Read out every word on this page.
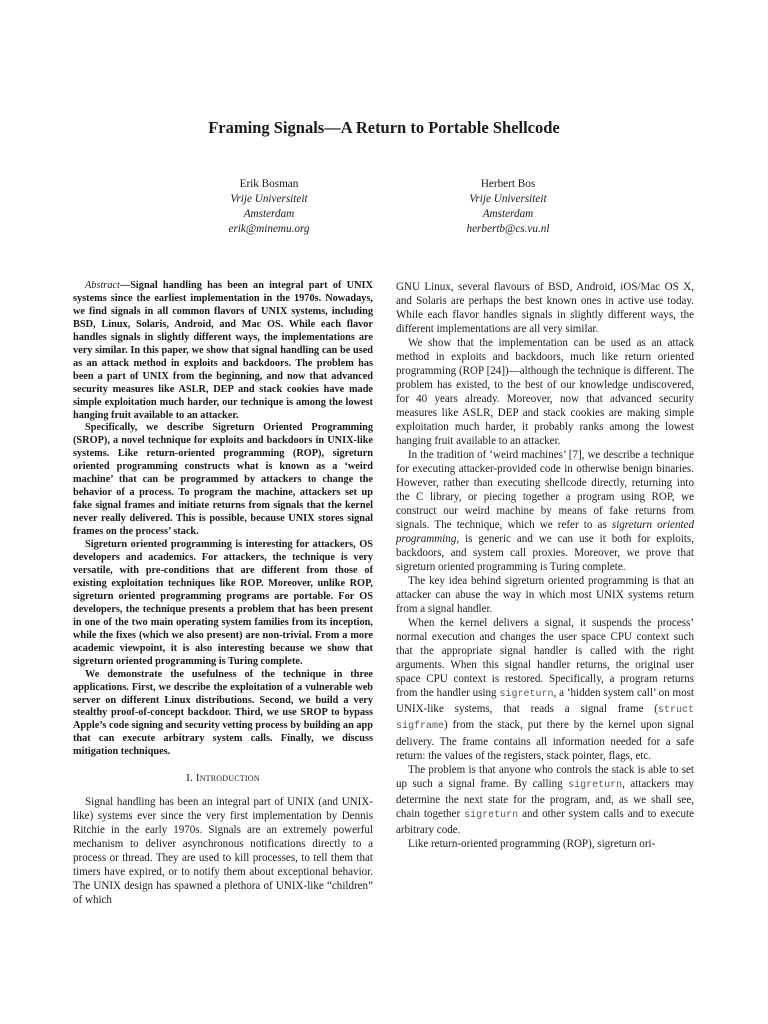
Framing Signals—A Return to Portable Shellcode
Erik Bosman
Vrije Universiteit
Amsterdam
erik@minemu.org
Herbert Bos
Vrije Universiteit
Amsterdam
herbertb@cs.vu.nl

Abstract—Signal handling has been an integral part of UNIX systems since the earliest implementation in the 1970s. Nowadays, we find signals in all common flavors of UNIX systems, including BSD, Linux, Solaris, Android, and Mac OS. While each flavor handles signals in slightly different ways, the implementations are very similar. In this paper, we show that signal handling can be used as an attack method in exploits and backdoors. The problem has been a part of UNIX from the beginning, and now that advanced security measures like ASLR, DEP and stack cookies have made simple exploitation much harder, our technique is among the lowest hanging fruit available to an attacker.

Specifically, we describe Sigreturn Oriented Programming (SROP), a novel technique for exploits and backdoors in UNIX-like systems. Like return-oriented programming (ROP), sigreturn oriented programming constructs what is known as a ‘weird machine’ that can be programmed by attackers to change the behavior of a process. To program the machine, attackers set up fake signal frames and initiate returns from signals that the kernel never really delivered. This is possible, because UNIX stores signal frames on the process’ stack.

Sigreturn oriented programming is interesting for attackers, OS developers and academics. For attackers, the technique is very versatile, with pre-conditions that are different from those of existing exploitation techniques like ROP. Moreover, unlike ROP, sigreturn oriented programming programs are portable. For OS developers, the technique presents a problem that has been present in one of the two main operating system families from its inception, while the fixes (which we also present) are non-trivial. From a more academic viewpoint, it is also interesting because we show that sigreturn oriented programming is Turing complete.

We demonstrate the usefulness of the technique in three applications. First, we describe the exploitation of a vulnerable web server on different Linux distributions. Second, we build a very stealthy proof-of-concept backdoor. Third, we use SROP to bypass Apple’s code signing and security vetting process by building an app that can execute arbitrary system calls. Finally, we discuss mitigation techniques.

I. Introduction

Signal handling has been an integral part of UNIX (and UNIX-like) systems ever since the very first implementation by Dennis Ritchie in the early 1970s. Signals are an extremely powerful mechanism to deliver asynchronous notifications directly to a process or thread. They are used to kill processes, to tell them that timers have expired, or to notify them about exceptional behavior. The UNIX design has spawned a plethora of UNIX-like “children” of which

GNU Linux, several flavours of BSD, Android, iOS/Mac OS X, and Solaris are perhaps the best known ones in active use today. While each flavor handles signals in slightly different ways, the different implementations are all very similar.

We show that the implementation can be used as an attack method in exploits and backdoors, much like return oriented programming (ROP [24])—although the technique is different. The problem has existed, to the best of our knowledge undiscovered, for 40 years already. Moreover, now that advanced security measures like ASLR, DEP and stack cookies are making simple exploitation much harder, it probably ranks among the lowest hanging fruit available to an attacker.

In the tradition of ‘weird machines’ [7], we describe a technique for executing attacker-provided code in otherwise benign binaries. However, rather than executing shellcode directly, returning into the C library, or piecing together a program using ROP, we construct our weird machine by means of fake returns from signals. The technique, which we refer to as sigreturn oriented programming, is generic and we can use it both for exploits, backdoors, and system call proxies. Moreover, we prove that sigreturn oriented programming is Turing complete.

The key idea behind sigreturn oriented programming is that an attacker can abuse the way in which most UNIX systems return from a signal handler.

When the kernel delivers a signal, it suspends the process’ normal execution and changes the user space CPU context such that the appropriate signal handler is called with the right arguments. When this signal handler returns, the original user space CPU context is restored. Specifically, a program returns from the handler using sigreturn, a ‘hidden system call’ on most UNIX-like systems, that reads a signal frame (struct sigframe) from the stack, put there by the kernel upon signal delivery. The frame contains all information needed for a safe return: the values of the registers, stack pointer, flags, etc.

The problem is that anyone who controls the stack is able to set up such a signal frame. By calling sigreturn, attackers may determine the next state for the program, and, as we shall see, chain together sigreturn and other system calls and to execute arbitrary code.

Like return-oriented programming (ROP), sigreturn ori-
